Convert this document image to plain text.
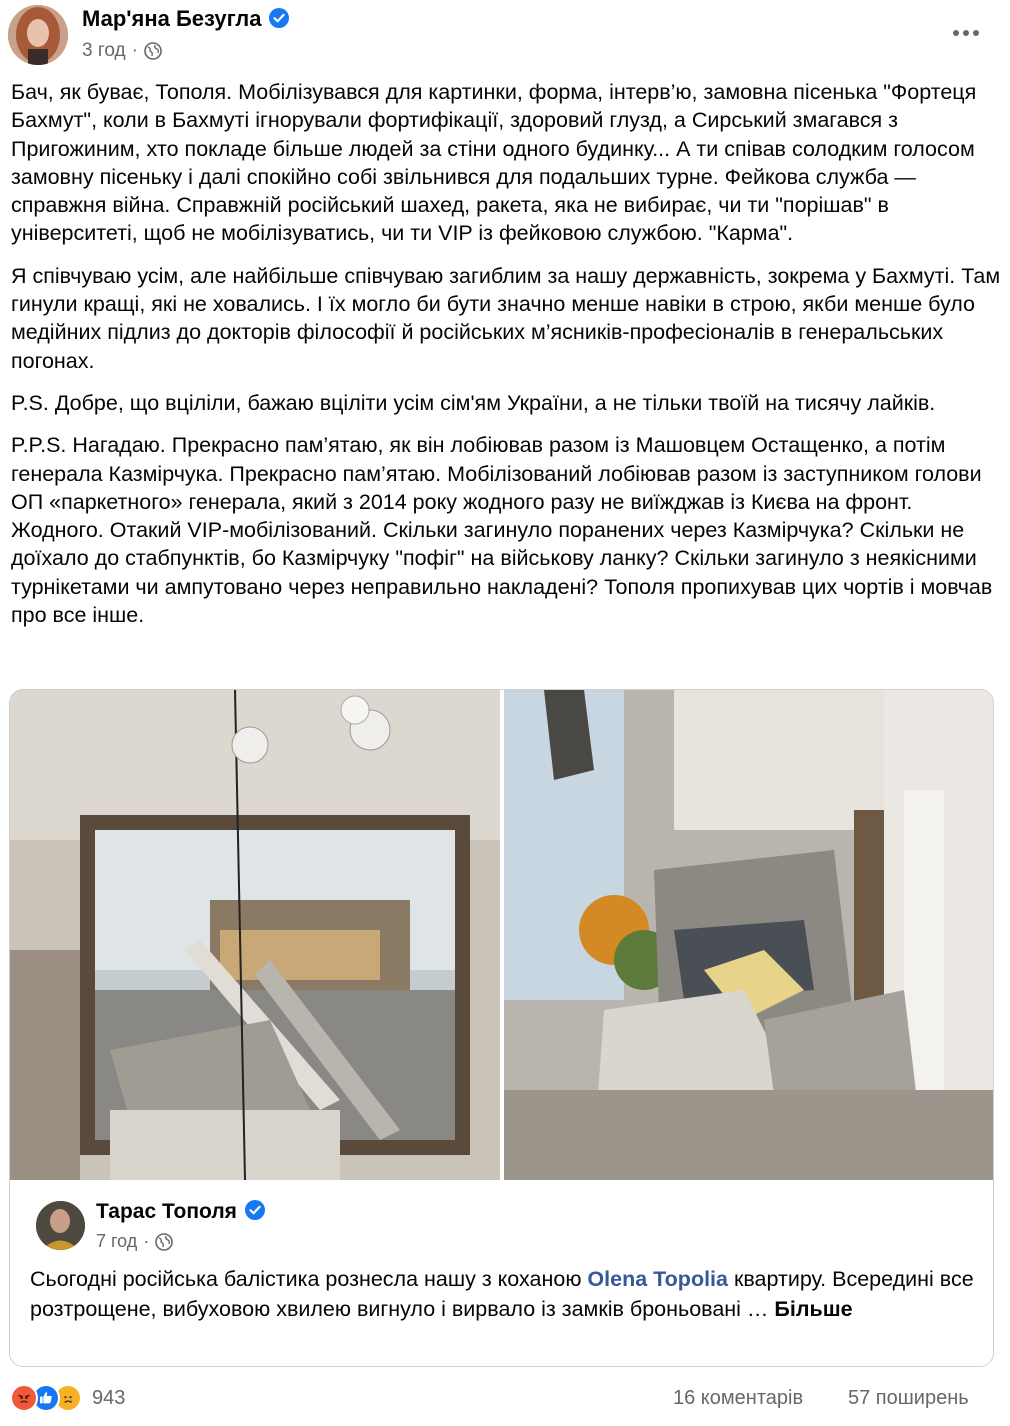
Мар'яна Безугла
3 год ·

Бач, як буває, Тополя. Мобілізувався для картинки, форма, інтерв’ю, замовна пісенька "Фортеця Бахмут", коли в Бахмуті ігнорували фортифікації, здоровий глузд, а Сирський змагався з Пригожиним, хто покладе більше людей за стіни одного будинку... А ти співав солодким голосом замовну пісеньку і далі спокійно собі звільнився для подальших турне. Фейкова служба — справжня війна. Справжній російський шахед, ракета, яка не вибирає, чи ти "порішав" в університеті, щоб не мобілізуватись, чи ти VIP із фейковою службою. "Карма".

Я співчуваю усім, але найбільше співчуваю загиблим за нашу державність, зокрема у Бахмуті. Там гинули кращі, які не ховались. І їх могло би бути значно менше навіки в строю, якби менше було медійних підлиз до докторів філософії й російських м’ясників-професіоналів в генеральських погонах.

P.S. Добре, що вціліли, бажаю вціліти усім сім'ям України, а не тільки твоїй на тисячу лайків.

P.P.S. Нагадаю. Прекрасно пам’ятаю, як він лобіював разом із Машовцем Остащенко, а потім генерала Казмірчука. Прекрасно пам’ятаю. Мобілізований лобіював разом із заступником голови ОП «паркетного» генерала, який з 2014 року жодного разу не виїжджав із Києва на фронт. Жодного. Отакий VIP-мобілізований. Скільки загинуло поранених через Казмірчука? Скільки не доїхало до стабпунктів, бо Казмірчуку "пофіг" на військову ланку? Скільки загинуло з неякісними турнікетами чи ампутовано через неправильно накладені? Тополя пропихував цих чортів і мовчав про все інше.

Тарас Тополя
7 год ·
Сьогодні російська балістика рознесла нашу з коханою Olena Topolia квартиру. Всередині все розтрощене, вибуховою хвилею вигнуло і вирвало із замків броньовані … Більше
943	16 коментарів 57 поширень
